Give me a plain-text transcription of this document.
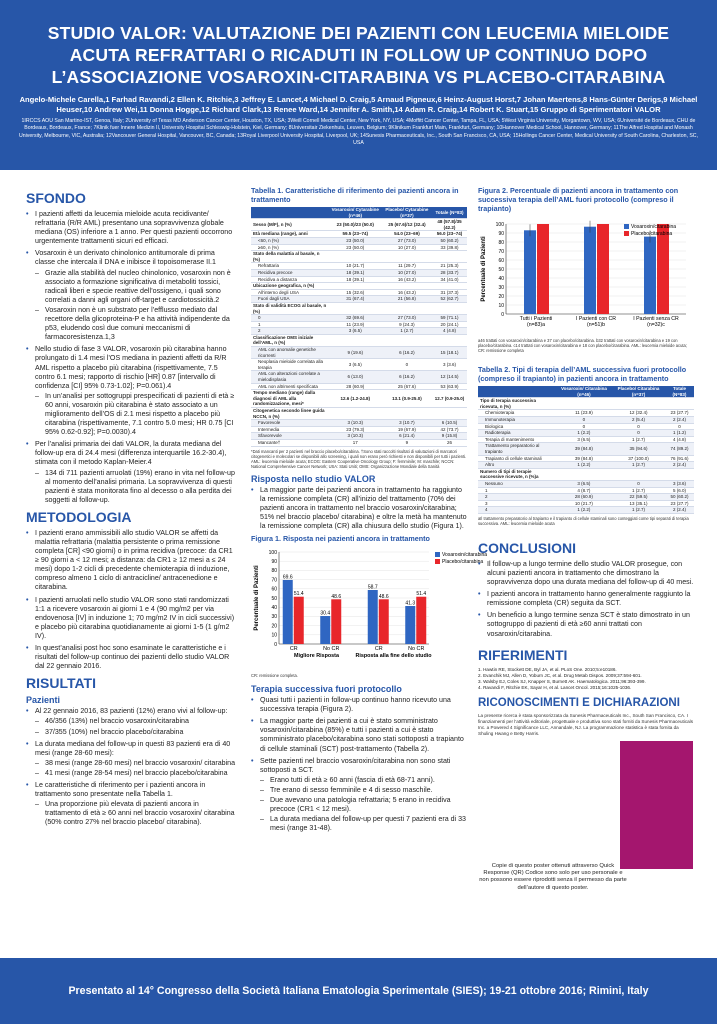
STUDIO VALOR: VALUTAZIONE DEI PAZIENTI CON LEUCEMIA MIELOIDE ACUTA REFRATTARI O RICADUTI IN FOLLOW UP CONTINUO DOPO L’ASSOCIAZIONE VOSAROXIN-CITARABINA VS PLACEBO-CITARABINA
Angelo-Michele Carella,1 Farhad Ravandi,2 Ellen K. Ritchie,3 Jeffrey E. Lancet,4 Michael D. Craig,5 Arnaud Pigneux,6 Heinz-August Horst,7 Johan Maertens,8 Hans-Günter Derigs,9 Michael Heuser,10 Andrew Wei,11 Donna Hogge,12 Richard Clark,13 Renee Ward,14 Jennifer A. Smith,14 Adam R. Craig,14 Robert K. Stuart,15 Gruppo di Sperimentatori VALOR
1IRCCS AOU San Martino-IST, Genoa, Italy; 2University of Texas MD Anderson Cancer Center, Houston, TX, USA; 3Weill Cornell Medical Center, New York, NY, USA; 4Moffitt Cancer Center, Tampa, FL, USA; 5West Virginia University, Morgantown, WV, USA; 6Université de Bordeaux, CHU de Bordeaux, Bordeaux, France; 7Klinik fuer Innere Medizin II, University Hospital Schleswig-Holstein, Kiel, Germany; 8Universitair Ziekenhuis, Leuven, Belgium; 9Klinikum Frankfurt Main, Frankfurt, Germany; 10Hannover Medical School, Hannover, Germany; 11The Alfred Hospital and Monash University, Melbourne, VIC, Australia; 12Vancouver General Hospital, Vancouver, BC, Canada; 13Royal Liverpool University Hospital, Liverpool, UK; 14Sunesis Pharmaceuticals, Inc., South San Francisco, CA, USA; 15Hollings Cancer Center, Medical University of South Carolina, Charleston, SC, USA
SFONDO
• I pazienti affetti da leucemia mieloide acuta recidivante/ refrattaria (R/R AML) presentano una sopravvivenza globale mediana (OS) inferiore a 1 anno. Per questi pazienti occorrono urgentemente trattamenti sicuri ed efficaci.
• Vosaroxin è un derivato chinolonico antitumorale di prima classe che intercala il DNA e inibisce il topoisomerase II.1
– Grazie alla stabilità del nucleo chinolonico, vosaroxin non è associato a formazione significativa di metaboliti tossici, radicali liberi e specie reattive dell’ossigeno, i quali sono correlati a danni agli organi off-target e cardiotossicità.2
– Vosaroxin non è un substrato per l’efflusso mediato dal recettore della glicoproteina-P e ha attività indipendente da p53, eludendo così due comuni meccanismi di farmacoresistenza.1,3
• Nello studio di fase 3 VALOR, vosaroxin più citarabina hanno prolungato di 1.4 mesi l’OS mediana in pazienti affetti da R/R AML rispetto a placebo più citarabina (rispettivamente, 7.5 contro 6.1 mesi; rapporto di rischio [HR] 0.87 [intervallo di confidenza [CI] 95% 0.73-1.02]; P=0.061).4
– In un’analisi per sottogruppi prespecificati di pazienti di età ≥ 60 anni, vosaroxin più citarabina è stato associato a un miglioramento dell’OS di 2.1 mesi rispetto a placebo più citarabina (rispettivamente, 7.1 contro 5.0 mesi; HR 0.75 [CI 95% 0.62-0.92]; P=0.0030).4
• Per l’analisi primaria dei dati VALOR, la durata mediana del follow-up era di 24.4 mesi (differenza interquartile 16.2-30.4), stimata con il metodo Kaplan-Meier.4
– 134 di 711 pazienti arruolati (19%) erano in vita nel follow-up al momento dell’analisi primaria. La sopravvivenza di questi pazienti è stata monitorata fino al decesso o alla perdita dei soggetti al follow-up.
METODOLOGIA
• I pazienti erano ammissibili allo studio VALOR se affetti da malattia refrattaria (malattia persistente o prima remissione completa [CR] <90 giorni) o in prima recidiva (precoce: da CR1 ≥ 90 giorni a < 12 mesi; a distanza: da CR1 ≥ 12 mesi a ≤ 24 mesi) dopo 1-2 cicli di precedente chemioterapia di induzione, compreso almeno 1 ciclo di antracicline/ antracenedione e citarabina.
• I pazienti arruolati nello studio VALOR sono stati randomizzati 1:1 a ricevere vosaroxin ai giorni 1 e 4 (90 mg/m2 per via endovenosa [IV] in induzione 1; 70 mg/m2 IV in cicli successivi) e placebo più citarabina quotidianamente ai giorni 1-5 (1 g/m2 IV).
• In quest’analisi post hoc sono esaminate le caratteristiche e i risultati del follow-up continuo dei pazienti dello studio VALOR dal 22 gennaio 2016.
RISULTATI
Pazienti
• Al 22 gennaio 2016, 83 pazienti (12%) erano vivi al follow-up:
– 46/356 (13%) nel braccio vosaroxin/citarabina
– 37/355 (10%) nel braccio placebo/citarabina
• La durata mediana del follow-up in questi 83 pazienti era di 40 mesi (range 28-60 mesi):
– 38 mesi (range 28-60 mesi) nel braccio vosaroxin/ citarabina
– 41 mesi (range 28-54 mesi) nel braccio placebo/citarabina
• Le caratteristiche di riferimento per i pazienti ancora in trattamento sono presentate nella Tabella 1.
– Una proporzione più elevata di pazienti ancora in trattamento di età ≥ 60 anni nel braccio vosaroxin/ citarabina (50% contro 27% nel braccio placebo/ citarabina).
Tabella 1. Caratteristiche di riferimento dei pazienti ancora in trattamento
	Vosaroxin/ Cytarabine (n=46)	Placebo/ Cytarabine (n=37)	Totale (N=83)
Sesso (M/F), n (%)	23 (50.0)/23 (50.0)	25 (67.6)/12 (32.4)	48 (57.8)/35 (42.2)
Età mediana (range), anni	59.5 (23–74)	54.0 (23–69)	56.0 (23–74)
<60, n (%)	23 (50.0)	27 (73.0)	50 (60.2)
≥60, n (%)	23 (50.0)	10 (27.0)	33 (39.8)
Stato della malattia al basale, n (%)			
Refrattaria	10 (21.7)	11 (29.7)	21 (25.3)
Recidiva precoce	18 (39.1)	10 (27.0)	28 (33.7)
Recidiva a distanza	18 (39.1)	16 (43.2)	34 (41.0)
Ubicazione geografica, n (%)			
All’interno degli USA	15 (32.6)	16 (43.2)	31 (37.3)
Fuori dagli USA	31 (67.4)	21 (56.8)	52 (62.7)
Stato di validità ECOG al basale, n (%)			
0	32 (69.6)	27 (73.0)	59 (71.1)
1	11 (23.9)	9 (24.3)	20 (24.1)
2	3 (6.5)	1 (2.7)	4 (4.8)
Classificazione OMS iniziale dell’AML, n (%)			
AML con anomalie genetiche ricorrenti	9 (19.6)	6 (16.2)	15 (18.1)
Neoplasia mieloide correlata alla terapia	3 (6.5)	0	3 (3.6)
AML con alterazioni correlate a mielodisplasia	6 (13.0)	6 (16.2)	12 (14.5)
AML non altrimenti specificata	28 (60.9)	25 (67.6)	53 (63.9)
Tempo mediano (range) dalla diagnosi di AML alla randomizzazione, mesi*	12.6 (1.2-24.8)	13.1 (0.9-25.0)	12.7 (0.9-25.0)
Citogenetica secondo linee guida NCCN, n (%)			
Favorevole	3 (10.3)	3 (10.7)	6 (10.5)
Intermedia	23 (79.3)	19 (67.9)	42 (73.7)
Sfavorevole	3 (10.3)	6 (21.4)	9 (15.8)
Mancante†	17	9	26
*Dati mancanti per 2 pazienti nel braccio placebo/citarabina. †Sono stati raccolti risultati di valutazioni di marcatori citogenetici e molecolari se disponibili allo screening, i quali non erano però richiesti e non disponibili per tutti i pazienti. AML: leucemia mieloide acuta; ECOG: Eastern Cooperative Oncology Group; F: femminile; M: maschile; NCCN: National Comprehensive Cancer Network; USA: Stati Uniti; OMS: Organizzazione Mondiale della Sanità
Risposta nello studio VALOR
• La maggior parte dei pazienti ancora in trattamento ha raggiunto la remissione completa (CR) all’inizio del trattamento (70% dei pazienti ancora in trattamento nel braccio vosaroxin/citarabina; 51% nel braccio placebo/ citarabina) e oltre la metà ha mantenuto la remissione completa (CR) alla chiusura dello studio (Figura 1).
Figura 1. Risposta nei pazienti ancora in trattamento
Percentuale di Pazienti
0
10
20
30
40
50
60
70
80
90
100
69.6
51.4
CR
30.4
48.6
No CR
58.7
48.6
CR
41.3
51.4
No CR
Migliore Risposta	Risposta alla fine dello studio
Vosaroxin/citarabina
Placebo/citarabina
CR: remissione completa.
Terapia successiva fuori protocollo
• Quasi tutti i pazienti in follow-up continuo hanno ricevuto una successiva terapia (Figura 2).
• La maggior parte dei pazienti a cui è stato somministrato vosaroxin/citarabina (85%) e tutti i pazienti a cui è stato somministrato placebo/citarabina sono stati sottoposti a trapianto di cellule staminali (SCT) post-trattamento (Tabella 2).
• Sette pazienti nel braccio vosaroxin/citarabina non sono stati sottoposti a SCT.
– Erano tutti di età ≥ 60 anni (fascia di età 68-71 anni).
– Tre erano di sesso femminile e 4 di sesso maschile.
– Due avevano una patologia refrattaria; 5 erano in recidiva precoce (CR1 < 12 mesi).
– La durata mediana del follow-up per questi 7 pazienti era di 33 mesi (range 31-48).
Figura 2. Percentuale di pazienti ancora in trattamento con successiva terapia dell’AML fuori protocollo (compreso il trapianto)
Percentuale di Pazienti
0
10
20
30
40
50
60
70
80
90
100
Tutti i Pazienti
(n=83)a
I Pazienti con CR
(n=51)b
I Pazienti senza CR
(n=32)c
Vosaroxin/citarabina
Placebo/citarabina
a46 trattati con vosaroxin/citarabina e 37 con placebo/citarabina. b32 trattati con vosaroxin/citarabina e 19 con placebo/citarabina. c14 trattati con vosaroxin/citarabina e 18 con placebo/citarabina. AML: leucemia mieloide acuta; CR: remissione completa
Tabella 2. Tipi di terapia dell’AML successiva fuori protocollo (compreso il trapianto) in pazienti ancora in trattamento
	Vosaroxin/ Citarabina (n=46)	Placebo/ Citarabina (n=37)	Totale (N=83)
Tipo di terapia successiva ricevuta, n (%)			
Chemioterapia	11 (23.9)	12 (32.4)	23 (27.7)
Immunoterapia	0	2 (5.4)	2 (2.4)
Biologica	0	0	0
Radioterapia	1 (2.2)	0	1 (1.2)
Terapia di mantenimento	3 (6.5)	1 (2.7)	4 (4.8)
Trattamento preparatorio al trapianto	39 (84.8)	35 (94.6)	74 (89.2)
Trapianto di cellule staminali	39 (84.8)	37 (100.0)	76 (91.6)
Altro	1 (2.2)	1 (2.7)	2 (2.4)
Numero di tipi di terapie successive ricevute, n (%)a			
Nessuno	3 (6.5)	0	3 (3.6)
1	4 (8.7)	1 (2.7)	5 (6.0)
2	28 (60.9)	22 (59.5)	50 (60.2)
3	10 (21.7)	13 (35.1)	23 (27.7)
4	1 (2.2)	1 (2.7)	2 (2.4)
aIl trattamento preparatorio al trapianto e il trapianto di cellule staminali sono conteggiati come tipi separati di terapia successiva. AML: leucemia mieloide acuta
CONCLUSIONI
• Il follow-up a lungo termine dello studio VALOR prosegue, con alcuni pazienti ancora in trattamento che dimostrano la sopravvivenza dopo una durata mediana del follow-up di 40 mesi.
• I pazienti ancora in trattamento hanno generalmente raggiunto la remissione completa (CR) seguita da SCT.
• Un beneficio a lungo termine senza SCT è stato dimostrato in un sottogruppo di pazienti di età ≥60 anni trattati con vosaroxin/citarabina.
RIFERIMENTI
1. Hawtin RE, Stockett DE, Byl JA, et al. PLoS One. 2010;5:e10186.
2. Evanchik MJ, Allen D, Yoburn JC, et al. Drug Metab Dispos. 2009;37:594-601.
3. Walsby EJ, Coles SJ, Knapper S, Burnett AK. Haematologica. 2011;96:393-399.
4. Ravandi F, Ritchie EK, Sayar H, et al. Lancet Oncol. 2015;16:1025-1036.
RICONOSCIMENTI E DICHIARAZIONI
La presente ricerca è stata sponsorizzata da Sunesis Pharmaceuticals Inc., South San Francisco, CA. I finanziamenti per l’attività editoriale, progettuale e produttiva sono stati forniti da Sunesis Pharmaceuticals Inc. a Powered 4 Significance LLC, Annandale, NJ. La programmazione statistica è stata fornita da Shuling Hwang e Betty Harris.
Copie di questo poster ottenuti attraverso Quick Response (QR) Codice sono solo per uso personale e non possono essere riprodotti senza il permesso da parte dell’autore di questo poster.
Presentato al 14° Congresso della Società Italiana Ematologia Sperimentale (SIES); 19-21 ottobre 2016; Rimini, Italy
